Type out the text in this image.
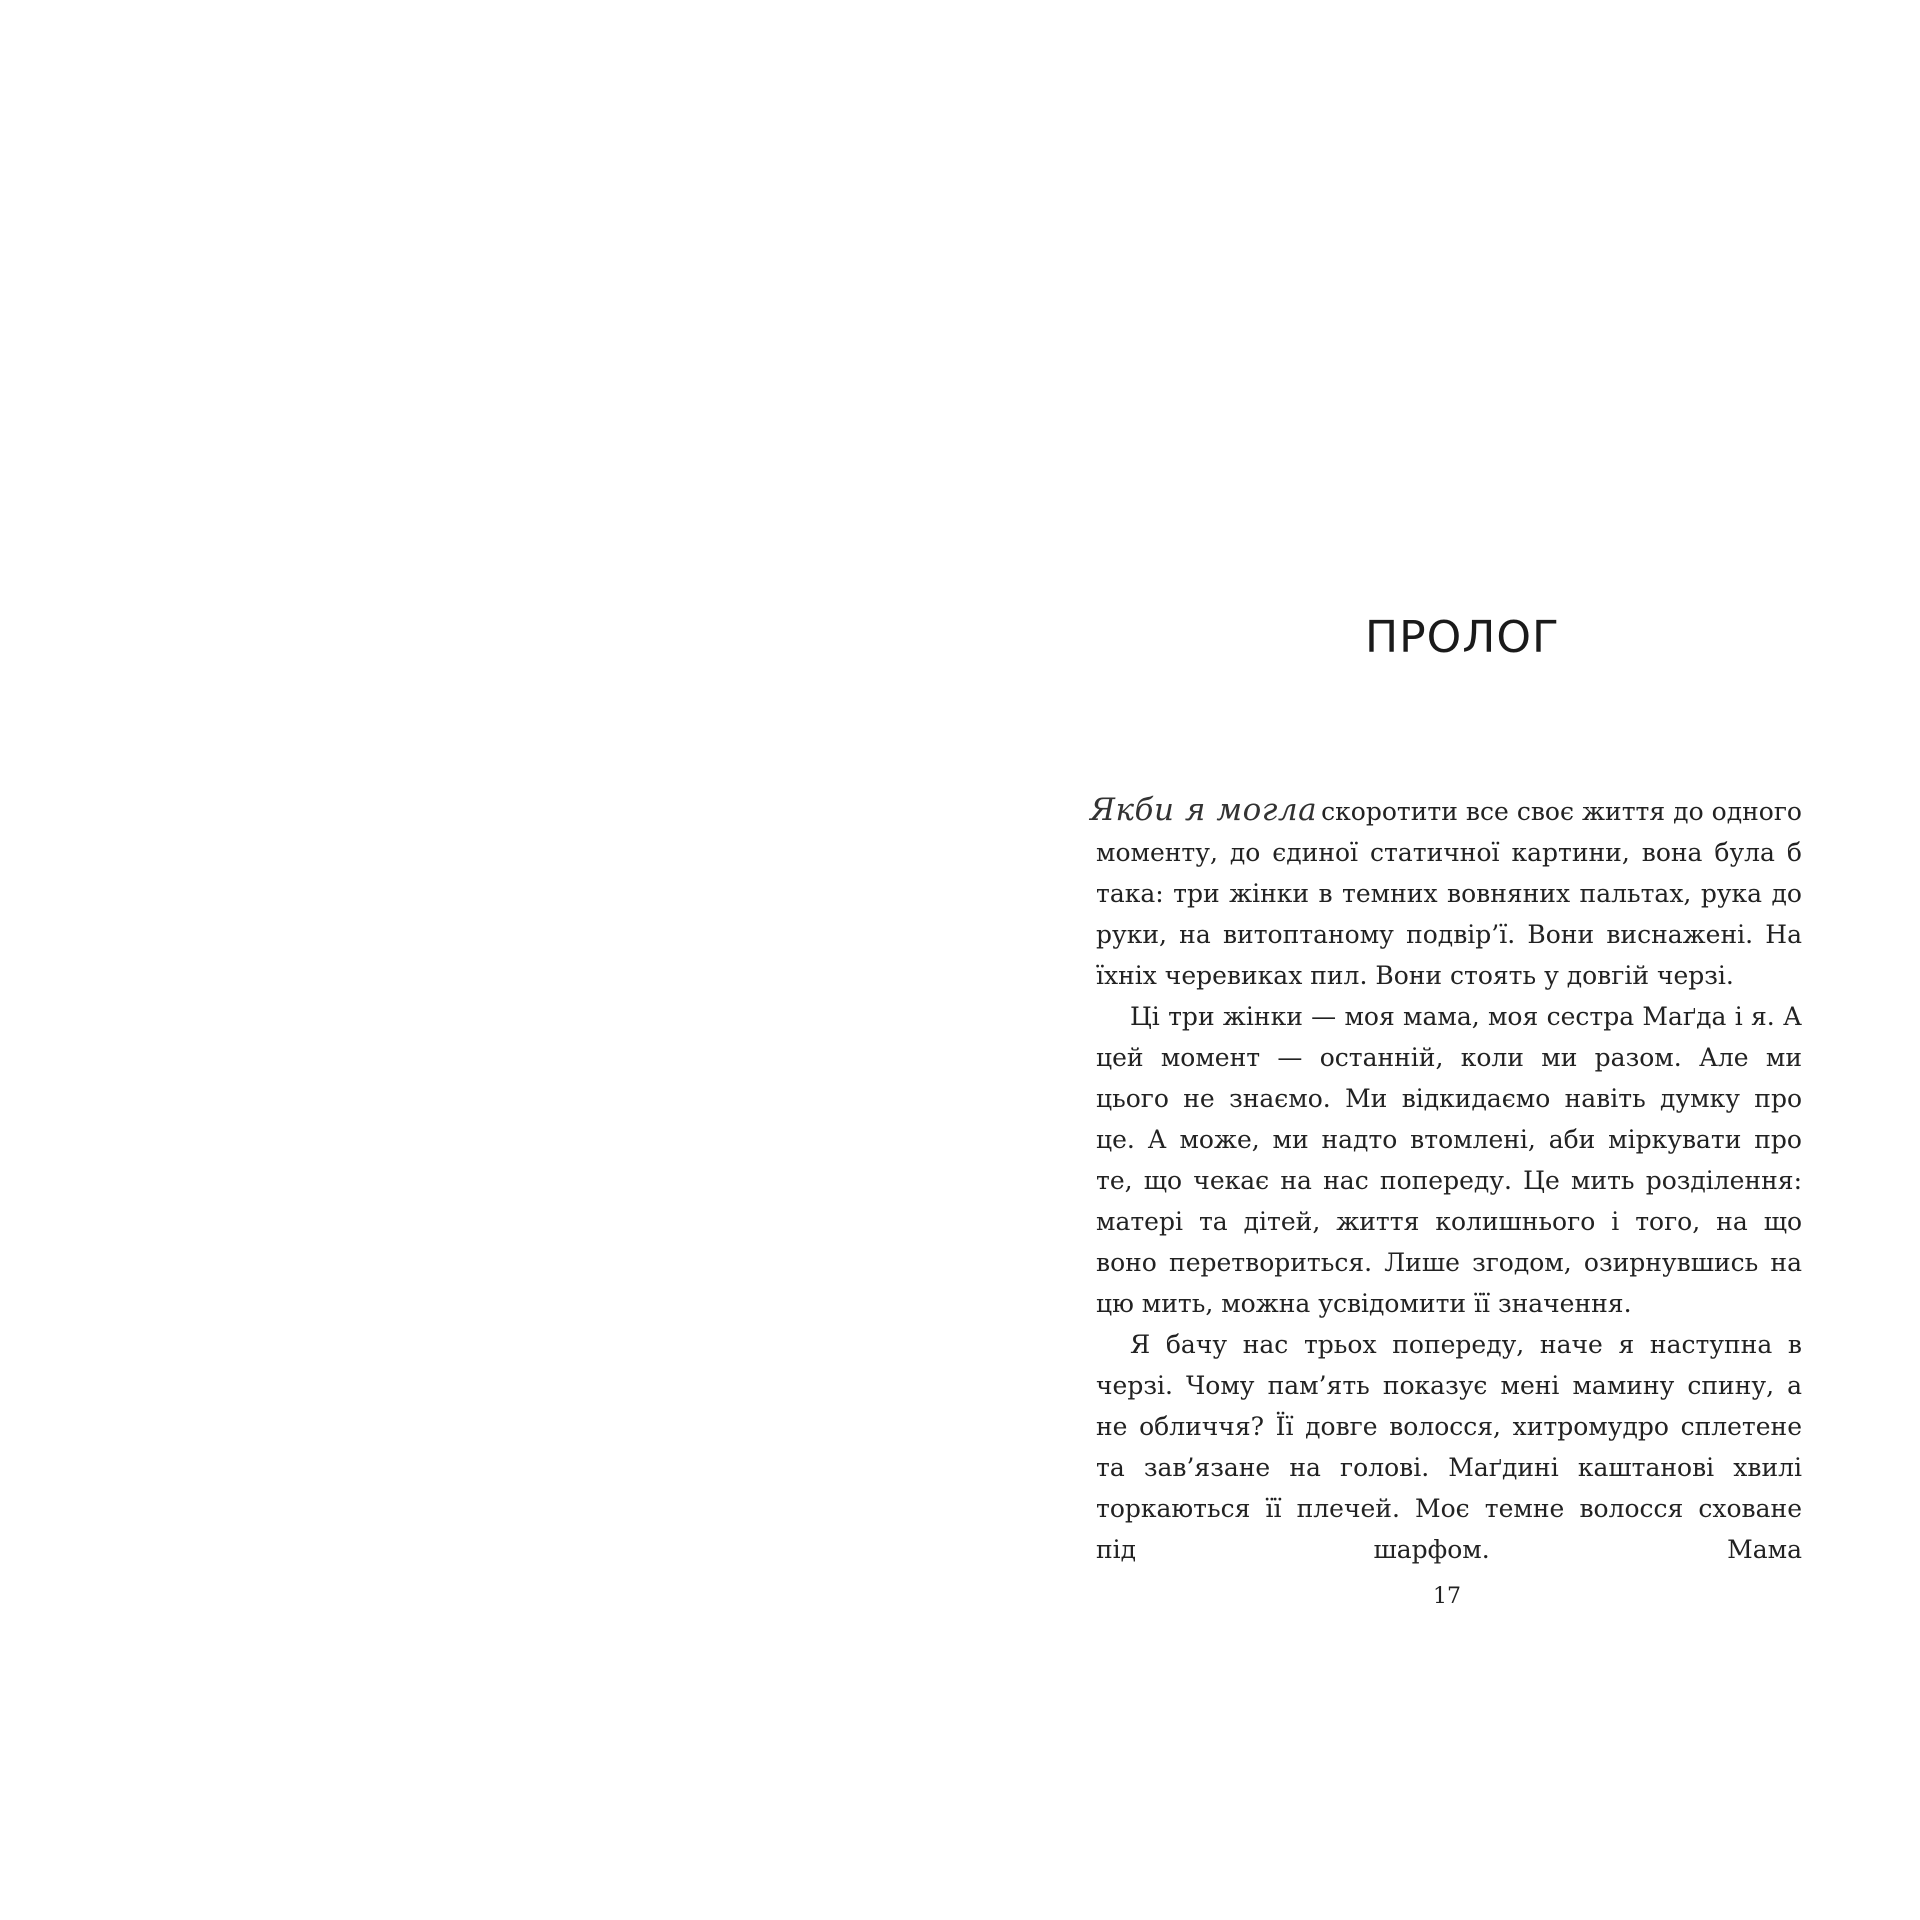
ПРОЛОГ

Якби я могла скоротити все своє життя до одного моменту, до єдиної статичної картини, вона була б така: три жінки в темних вовняних пальтах, рука до руки, на витоптаному подвір’ї. Вони виснажені. На їхніх черевиках пил. Вони стоять у довгій черзі.

Ці три жінки — моя мама, моя сестра Маґда і я. А цей момент — останній, коли ми разом. Але ми цього не знаємо. Ми відкидаємо навіть думку про це. А може, ми надто втомлені, аби міркувати про те, що чекає на нас попереду. Це мить розділення: матері та дітей, життя колишнього і того, на що воно перетвориться. Лише згодом, озирнувшись на цю мить, можна усвідомити її значення.

Я бачу нас трьох попереду, наче я наступна в черзі. Чому пам’ять показує мені мамину спину, а не обличчя? Її довге волосся, хитромудро сплетене та зав’язане на голові. Маґдині каштанові хвилі торкаються її плечей. Моє темне волосся сховане під шарфом. Мама

17
